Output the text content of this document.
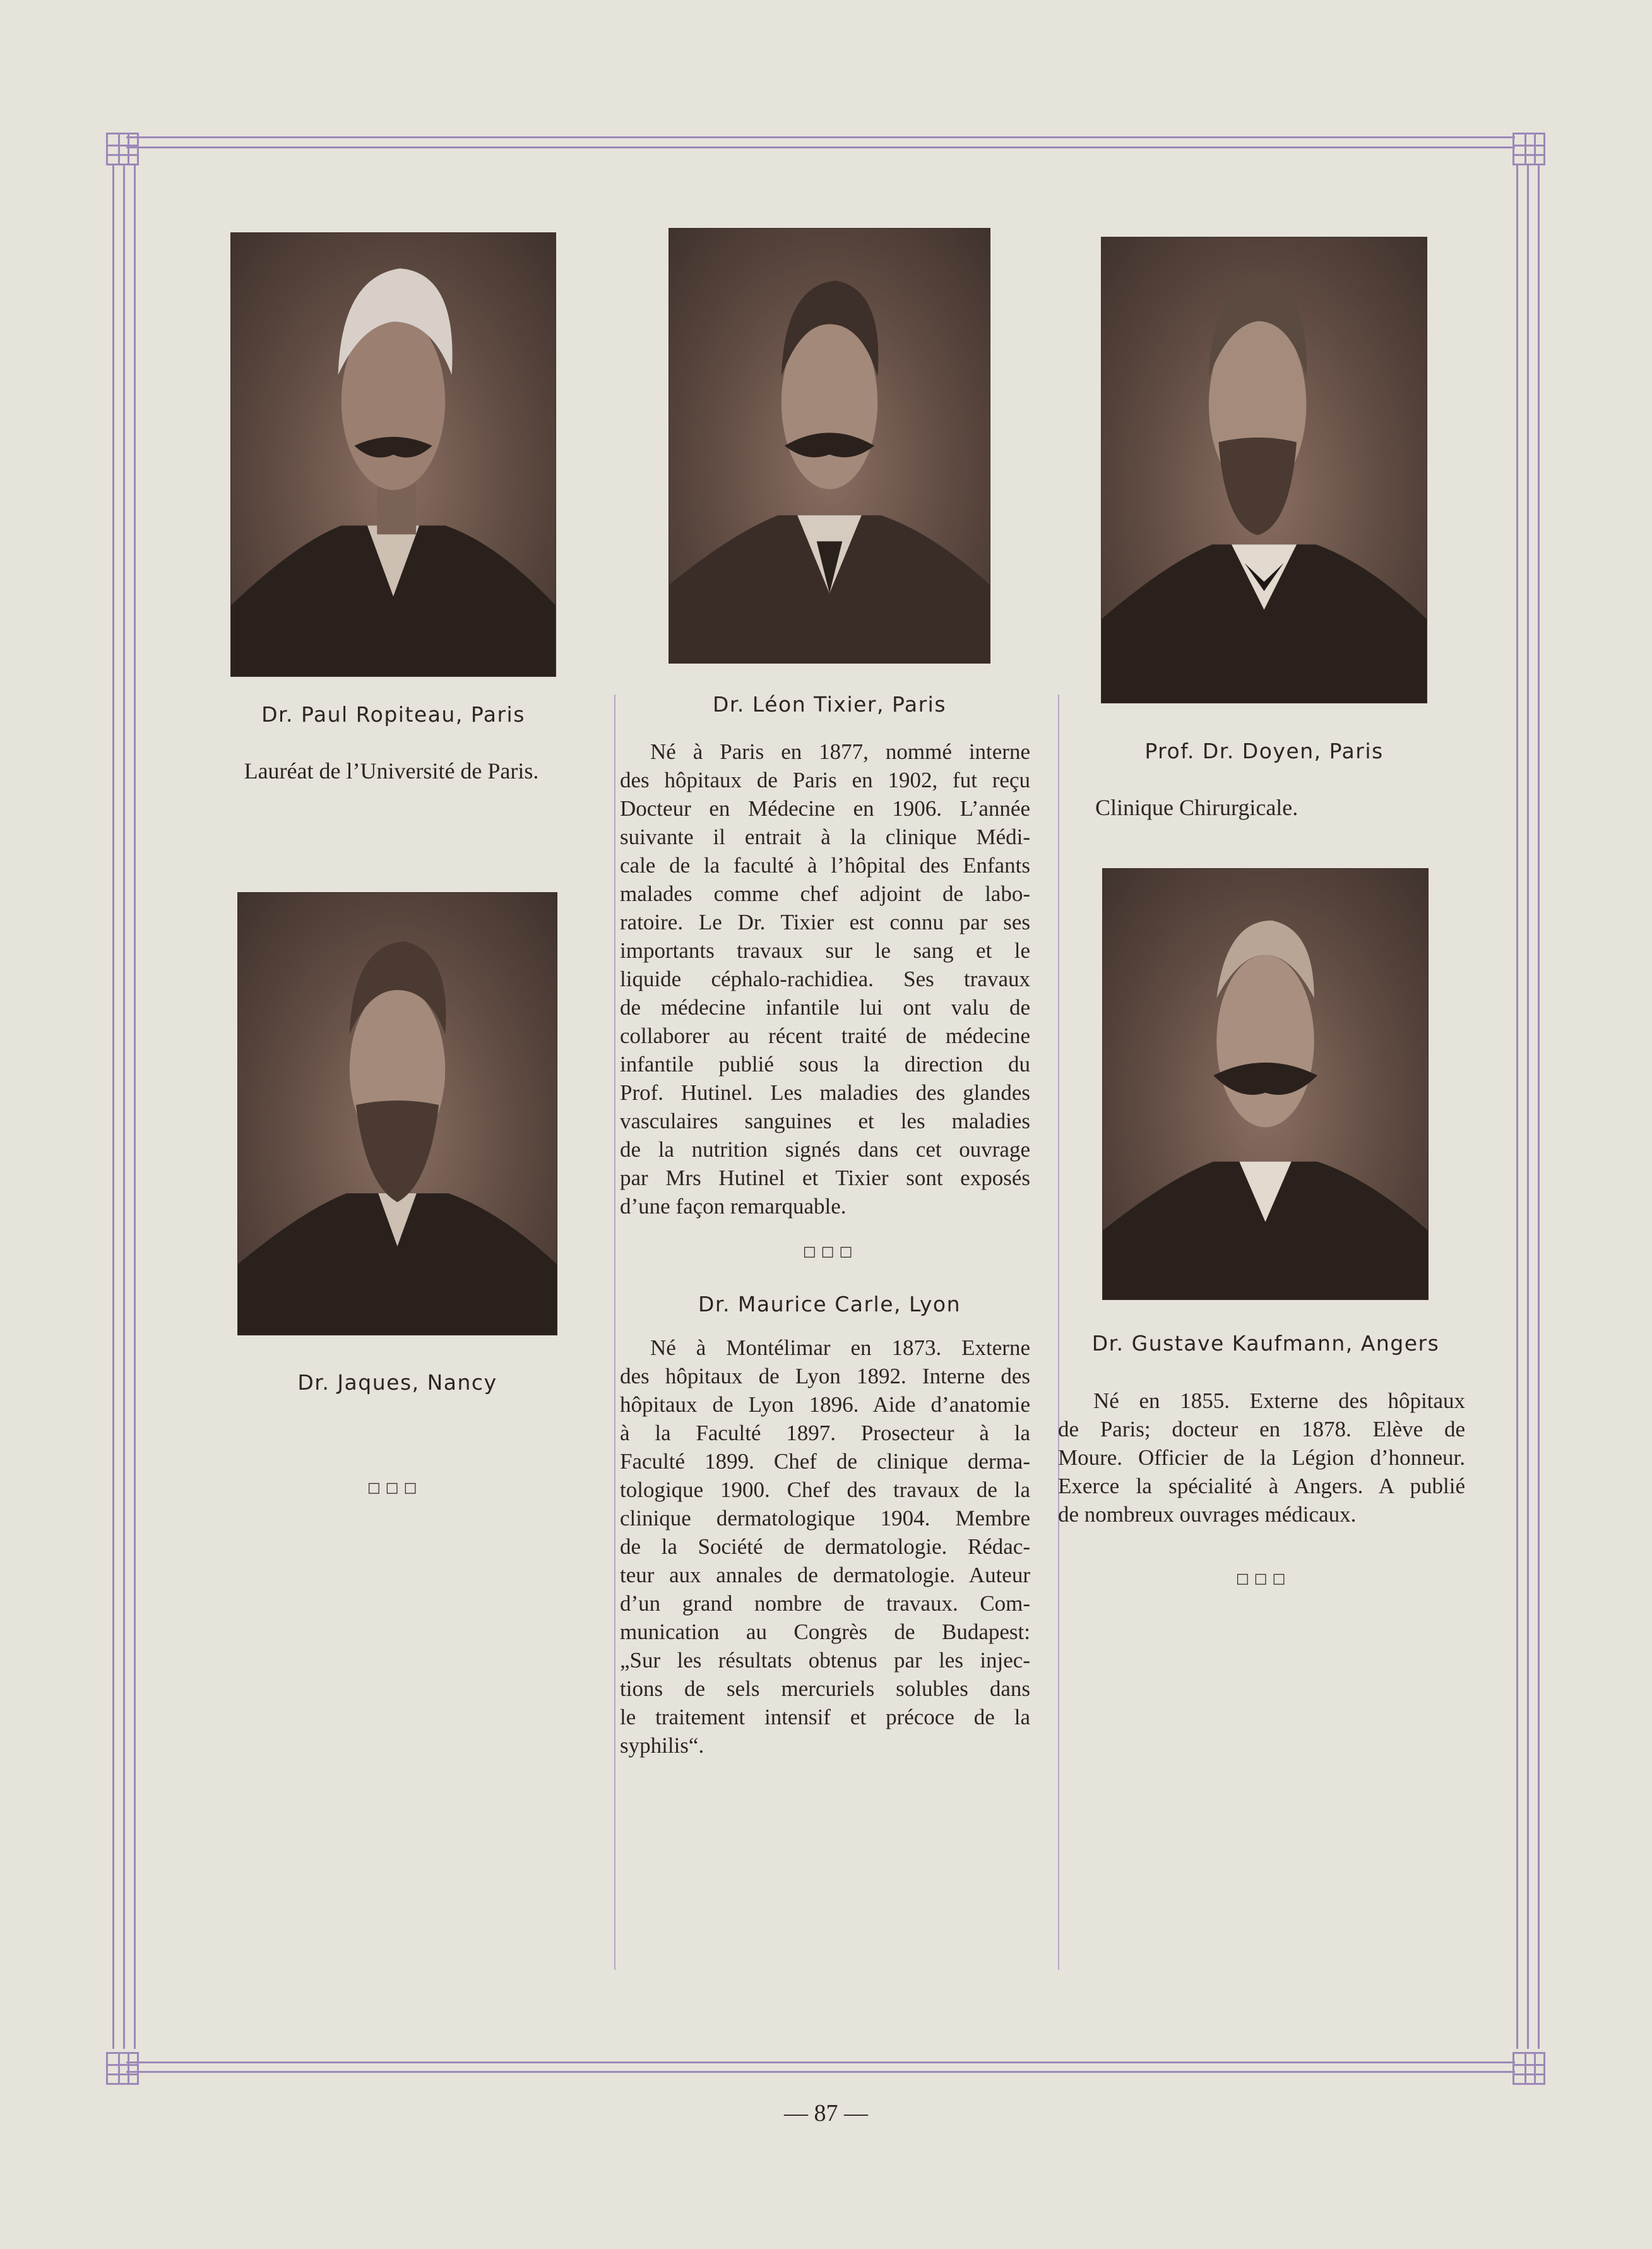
Dr. Paul Ropiteau, Paris
Lauréat de l’Université de Paris.
Dr. Jaques, Nancy
□□□
Dr. Léon Tixier, Paris
Né à Paris en 1877, nommé interne
des hôpitaux de Paris en 1902, fut reçu
Docteur en Médecine en 1906. L’année
suivante il entrait à la clinique Médi-
cale de la faculté à l’hôpital des Enfants
malades comme chef adjoint de labo-
ratoire. Le Dr. Tixier est connu par ses
importants travaux sur le sang et le
liquide céphalo-rachidiea. Ses travaux
de médecine infantile lui ont valu de
collaborer au récent traité de médecine
infantile publié sous la direction du
Prof. Hutinel. Les maladies des glandes
vasculaires sanguines et les maladies
de la nutrition signés dans cet ouvrage
par Mrs Hutinel et Tixier sont exposés
d’une façon remarquable.
□□□
Dr. Maurice Carle, Lyon
Né à Montélimar en 1873. Externe
des hôpitaux de Lyon 1892. Interne des
hôpitaux de Lyon 1896. Aide d’anatomie
à la Faculté 1897. Prosecteur à la
Faculté 1899. Chef de clinique derma-
tologique 1900. Chef des travaux de la
clinique dermatologique 1904. Membre
de la Société de dermatologie. Rédac-
teur aux annales de dermatologie. Auteur
d’un grand nombre de travaux. Com-
munication au Congrès de Budapest:
„Sur les résultats obtenus par les injec-
tions de sels mercuriels solubles dans
le traitement intensif et précoce de la
syphilis“.
Prof. Dr. Doyen, Paris
Clinique Chirurgicale.
Dr. Gustave Kaufmann, Angers
Né en 1855. Externe des hôpitaux
de Paris; docteur en 1878. Elève de
Moure. Officier de la Légion d’honneur.
Exerce la spécialité à Angers. A publié
de nombreux ouvrages médicaux.
□□□
— 87 —
